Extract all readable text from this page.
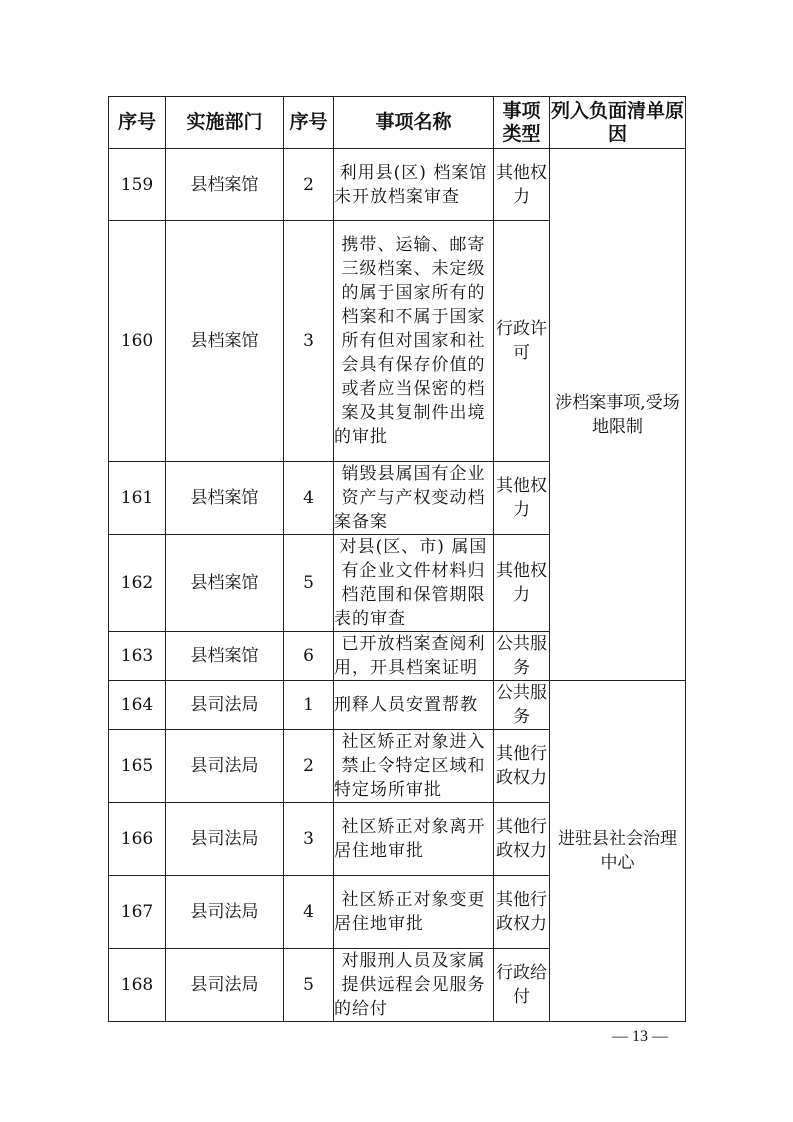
序号	实施部门	序号	事项名称	事项类型	列入负面清单原因
159	县档案馆	2	利用县(区) 档案馆未开放档案审查	其他权力	涉档案事项,受场地限制
160	县档案馆	3	携带、运输、邮寄三级档案、未定级的属于国家所有的档案和不属于国家所有但对国家和社会具有保存价值的或者应当保密的档案及其复制件出境的审批	行政许可	
161	县档案馆	4	销毁县属国有企业资产与产权变动档案备案	其他权力	
162	县档案馆	5	对县(区、市) 属国有企业文件材料归档范围和保管期限表的审查	其他权力	
163	县档案馆	6	已开放档案查阅利用，开具档案证明	公共服务	
164	县司法局	1	刑释人员安置帮教	公共服务	进驻县社会治理中心
165	县司法局	2	社区矫正对象进入禁止令特定区域和特定场所审批	其他行政权力	
166	县司法局	3	社区矫正对象离开居住地审批	其他行政权力	
167	县司法局	4	社区矫正对象变更居住地审批	其他行政权力	
168	县司法局	5	对服刑人员及家属提供远程会见服务的给付	行政给付	
— 13 —
